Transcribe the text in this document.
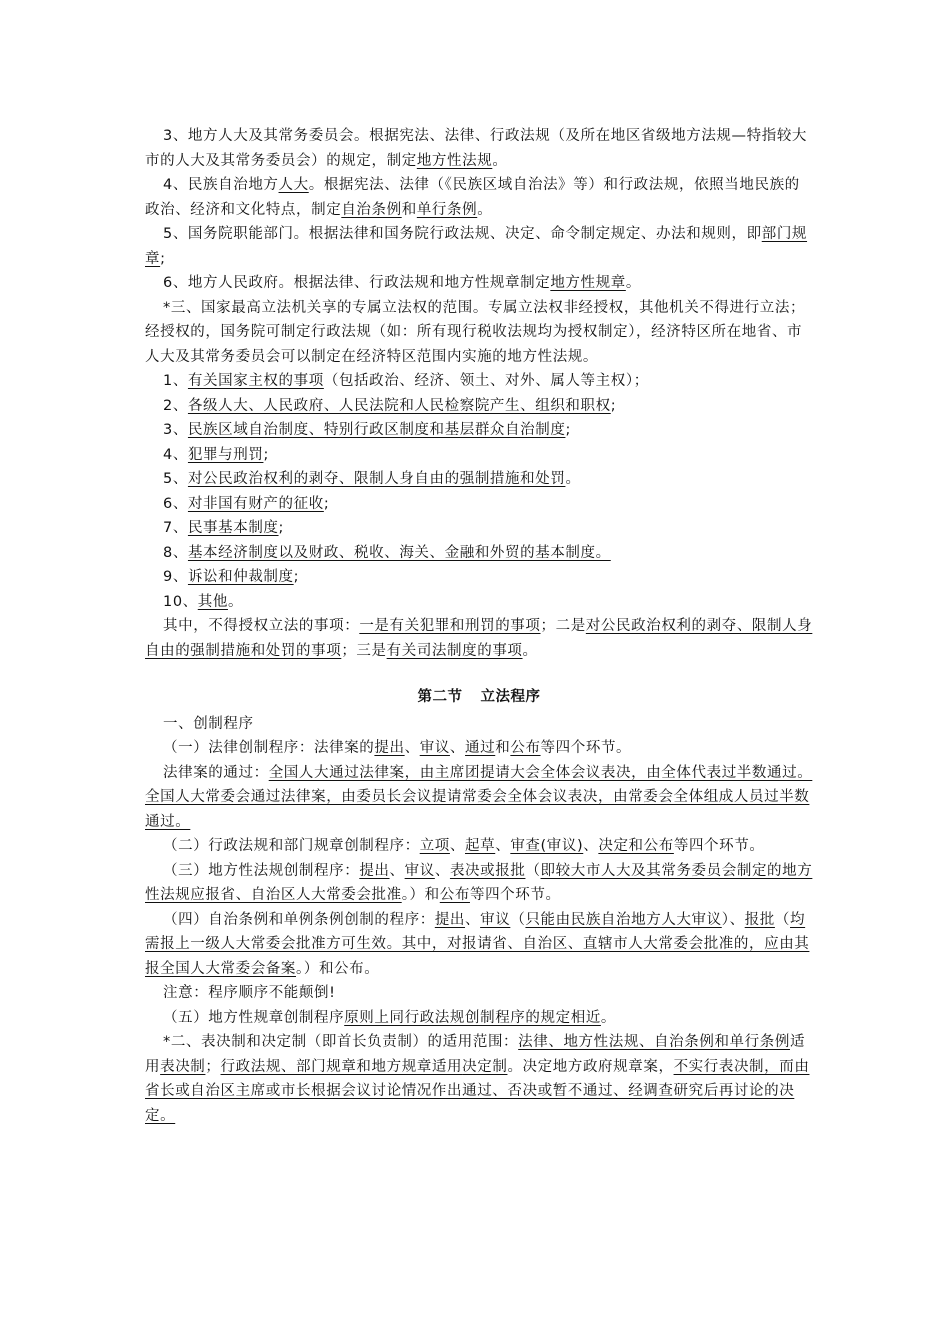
3、地方人大及其常务委员会。根据宪法、法律、行政法规（及所在地区省级地方法规—特指较大市的人大及其常务委员会）的规定，制定地方性法规。

4、民族自治地方人大。根据宪法、法律（《民族区域自治法》等）和行政法规，依照当地民族的政治、经济和文化特点，制定自治条例和单行条例。

5、国务院职能部门。根据法律和国务院行政法规、决定、命令制定规定、办法和规则，即部门规章;

6、地方人民政府。根据法律、行政法规和地方性规章制定地方性规章。

*三、国家最高立法机关享的专属立法权的范围。专属立法权非经授权，其他机关不得进行立法；经授权的，国务院可制定行政法规（如：所有现行税收法规均为授权制定），经济特区所在地省、市人大及其常务委员会可以制定在经济特区范围内实施的地方性法规。

1、有关国家主权的事项（包括政治、经济、领土、对外、属人等主权）；

2、各级人大、人民政府、人民法院和人民检察院产生、组织和职权;

3、民族区域自治制度、特别行政区制度和基层群众自治制度;

4、犯罪与刑罚;

5、对公民政治权利的剥夺、限制人身自由的强制措施和处罚。

6、对非国有财产的征收;

7、民事基本制度;

8、基本经济制度以及财政、税收、海关、金融和外贸的基本制度。

9、诉讼和仲裁制度;

10、其他。

其中，不得授权立法的事项：一是有关犯罪和刑罚的事项；二是对公民政治权利的剥夺、限制人身自由的强制措施和处罚的事项；三是有关司法制度的事项。

第二节 立法程序

一、创制程序

（一）法律创制程序：法律案的提出、审议、通过和公布等四个环节。

法律案的通过：全国人大通过法律案，由主席团提请大会全体会议表决，由全体代表过半数通过。全国人大常委会通过法律案，由委员长会议提请常委会全体会议表决，由常委会全体组成人员过半数通过。

（二）行政法规和部门规章创制程序：立项、起草、审查(审议)、决定和公布等四个环节。

（三）地方性法规创制程序：提出、审议、表决或报批（即较大市人大及其常务委员会制定的地方性法规应报省、自治区人大常委会批准。）和公布等四个环节。

（四）自治条例和单例条例创制的程序：提出、审议（只能由民族自治地方人大审议）、报批（均需报上一级人大常委会批准方可生效。其中，对报请省、自治区、直辖市人大常委会批准的，应由其报全国人大常委会备案。）和公布。

注意：程序顺序不能颠倒!

（五）地方性规章创制程序原则上同行政法规创制程序的规定相近。

*二、表决制和决定制（即首长负责制）的适用范围：法律、地方性法规、自治条例和单行条例适用表决制；行政法规、部门规章和地方规章适用决定制。决定地方政府规章案，不实行表决制，而由省长或自治区主席或市长根据会议讨论情况作出通过、否决或暂不通过、经调查研究后再讨论的决定。
